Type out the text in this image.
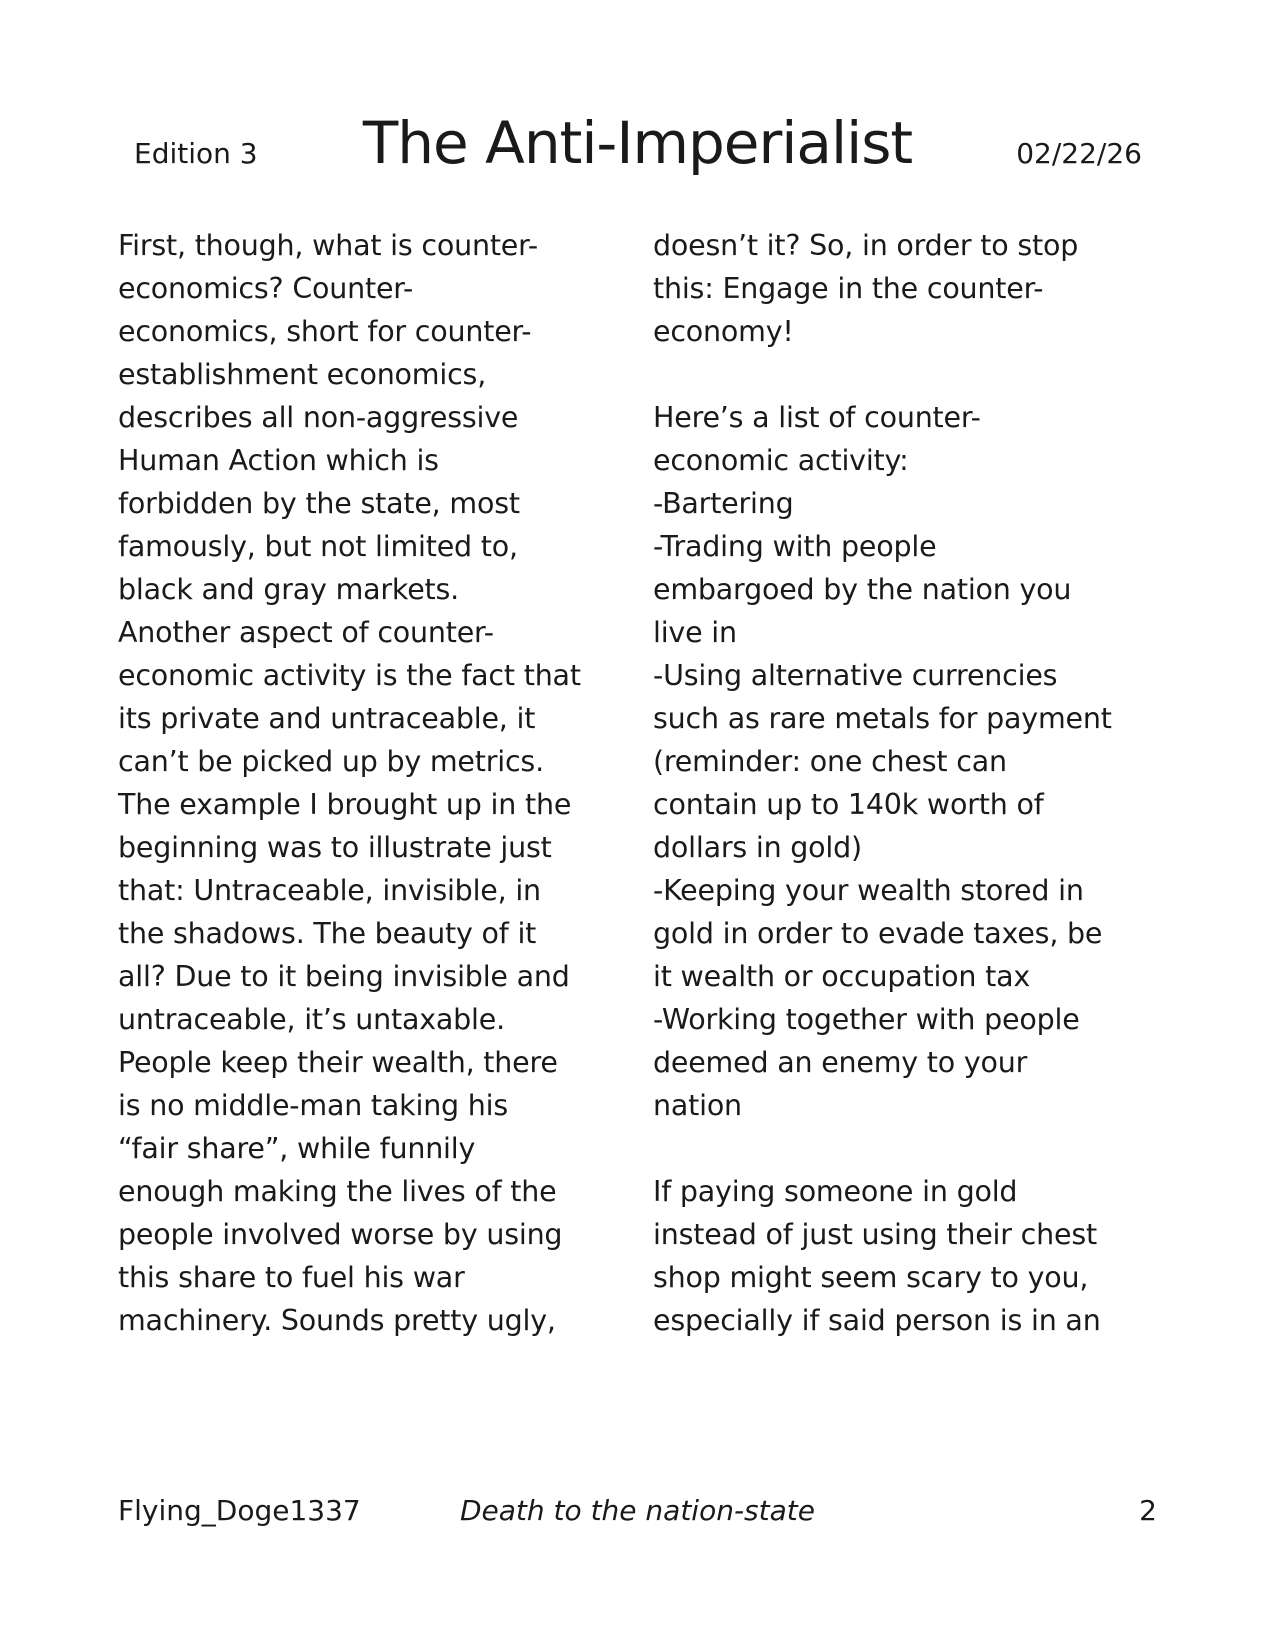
Edition 3	The Anti-Imperialist	02/22/26
First, though, what is counter-
economics? Counter-
economics, short for counter-
establishment economics,
describes all non-aggressive
Human Action which is
forbidden by the state, most
famously, but not limited to,
black and gray markets.
Another aspect of counter-
economic activity is the fact that
its private and untraceable, it
can’t be picked up by metrics.
The example I brought up in the
beginning was to illustrate just
that: Untraceable, invisible, in
the shadows. The beauty of it
all? Due to it being invisible and
untraceable, it’s untaxable.
People keep their wealth, there
is no middle-man taking his
“fair share”, while funnily
enough making the lives of the
people involved worse by using
this share to fuel his war
machinery. Sounds pretty ugly,
doesn’t it? So, in order to stop
this: Engage in the counter-
economy!

Here’s a list of counter-
economic activity:
-Bartering
-Trading with people
embargoed by the nation you
live in
-Using alternative currencies
such as rare metals for payment
(reminder: one chest can
contain up to 140k worth of
dollars in gold)
-Keeping your wealth stored in
gold in order to evade taxes, be
it wealth or occupation tax
-Working together with people
deemed an enemy to your
nation

If paying someone in gold
instead of just using their chest
shop might seem scary to you,
especially if said person is in an
Flying_Doge1337	Death to the nation-state	2
